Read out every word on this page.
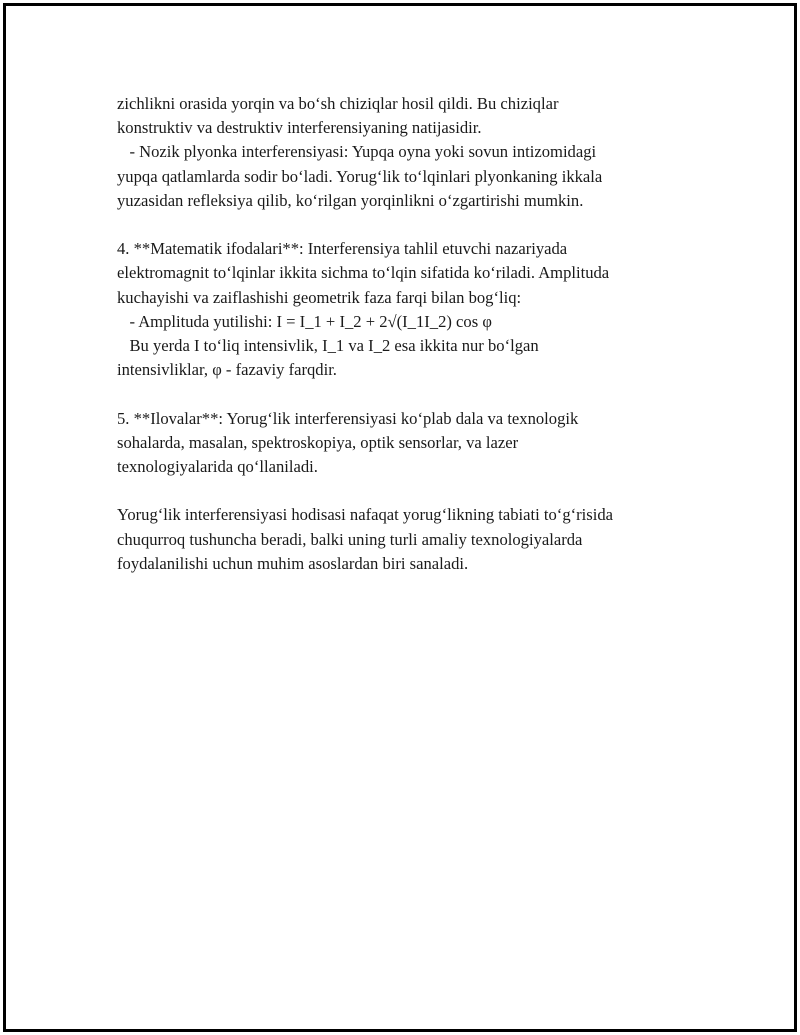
zichlikni orasida yorqin va bo‘sh chiziqlar hosil qildi. Bu chiziqlar
konstruktiv va destruktiv interferensiyaning natijasidir.
- Nozik plyonka interferensiyasi: Yupqa oyna yoki sovun intizomidagi
yupqa qatlamlarda sodir bo‘ladi. Yorug‘lik to‘lqinlari plyonkaning ikkala
yuzasidan refleksiya qilib, ko‘rilgan yorqinlikni o‘zgartirishi mumkin.
4. **Matematik ifodalari**: Interferensiya tahlil etuvchi nazariyada
elektromagnit to‘lqinlar ikkita sichma to‘lqin sifatida ko‘riladi. Amplituda
kuchayishi va zaiflashishi geometrik faza farqi bilan bog‘liq:
- Amplituda yutilishi: I = I_1 + I_2 + 2√(I_1I_2) cos φ
Bu yerda I to‘liq intensivlik, I_1 va I_2 esa ikkita nur bo‘lgan
intensivliklar, φ - fazaviy farqdir.
5. **Ilovalar**: Yorug‘lik interferensiyasi ko‘plab dala va texnologik
sohalarda, masalan, spektroskopiya, optik sensorlar, va lazer
texnologiyalarida qo‘llaniladi.
Yorug‘lik interferensiyasi hodisasi nafaqat yorug‘likning tabiati to‘g‘risida
chuqurroq tushuncha beradi, balki uning turli amaliy texnologiyalarda
foydalanilishi uchun muhim asoslardan biri sanaladi.
